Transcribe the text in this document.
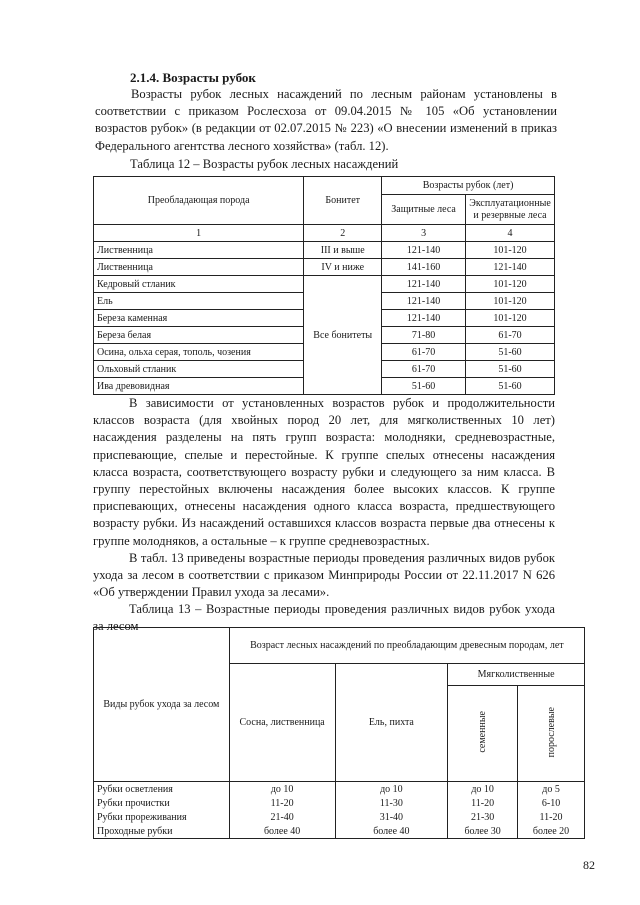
2.1.4. Возрасты рубок
Возрасты рубок лесных насаждений по лесным районам установлены в
соответствии с приказом Рослесхоза от 09.04.2015 № 105 «Об установлении
возрастов рубок» (в редакции от 02.07.2015 № 223) «О внесении изменений в приказ
Федерального агентства лесного хозяйства» (табл. 12).
Таблица 12 – Возрасты рубок лесных насаждений
Преобладающая порода	Бонитет	Возрасты рубок (лет)	
		Защитные леса	Эксплуатационные и резервные леса
1	2	3	4
Лиственница	III и выше	121-140	101-120
Лиственница	IV и ниже	141-160	121-140
Кедровый стланик	Все бонитеты	121-140	101-120
Ель		121-140	101-120
Береза каменная		121-140	101-120
Береза белая		71-80	61-70
Осина, ольха серая, тополь, чозения		61-70	51-60
Ольховый стланик		61-70	51-60
Ива древовидная		51-60	51-60
В зависимости от установленных возрастов рубок и продолжительности
классов возраста (для хвойных пород 20 лет, для мягколиственных 10 лет)
насаждения разделены на пять групп возраста: молодняки, средневозрастные,
приспевающие, спелые и перестойные. К группе спелых отнесены насаждения
класса возраста, соответствующего возрасту рубки и следующего за ним класса. В
группу перестойных включены насаждения более высоких классов. К группе
приспевающих, отнесены насаждения одного класса возраста, предшествующего
возрасту рубки. Из насаждений оставшихся классов возраста первые два отнесены к
группе молодняков, а остальные – к группе средневозрастных.
В табл. 13 приведены возрастные периоды проведения различных видов рубок
ухода за лесом в соответствии с приказом Минприроды России от 22.11.2017 N 626
«Об утверждении Правил ухода за лесами».
Таблица 13 – Возрастные периоды проведения различных видов рубок ухода
за лесом
Виды рубок ухода за лесом	Возраст лесных насаждений по преобладающим древесным породам, лет			
	Сосна, лиственница	Ель, пихта	Мягколиственные	
			семенные	порослевые
Рубки осветления	до 10	до 10	до 10	до 5
Рубки прочистки	11-20	11-30	11-20	6-10
Рубки прореживания	21-40	31-40	21-30	11-20
Проходные рубки	более 40	более 40	более 30	более 20
82
